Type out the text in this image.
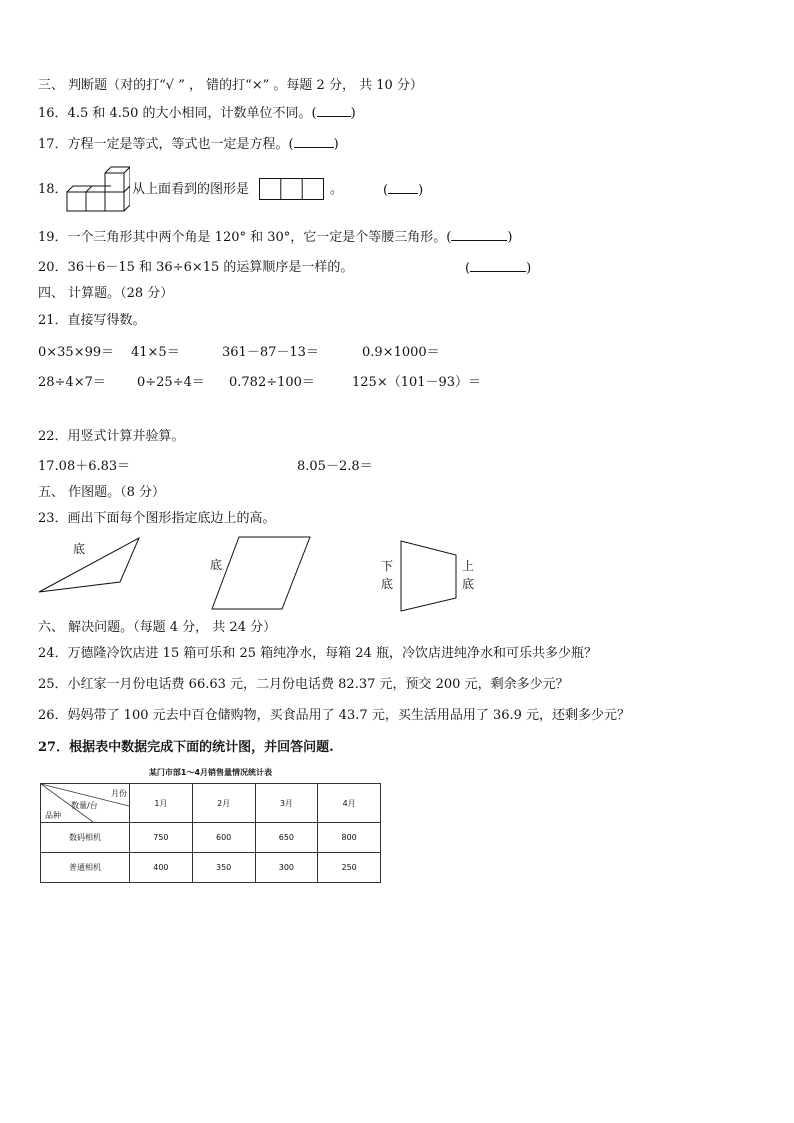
三、 判断题（对的打“√ ” ， 错的打“×” 。每题 2 分， 共 10 分）
16．4.5 和 4.50 的大小相同，计数单位不同。(	)
17．方程一定是等式，等式也一定是方程。(	)
18．	从上面看到的图形是	。	( )
19．一个三角形其中两个角是 120° 和 30°，它一定是个等腰三角形。(	)
20．36＋6－15 和 36÷6×15 的运算顺序是一样的。	(	)
四、 计算题。（28 分）
21．直接写得数。
0×35×99＝ 41×5＝	361－87－13＝	0.9×1000＝
28÷4×7＝ 0÷25÷4＝ 0.782÷100＝	125×（101－93）＝
22．用竖式计算并验算。
17.08＋6.83＝	8.05－2.8＝
五、 作图题。（8 分）
23．画出下面每个图形指定底边上的高。
底
底	下
底
上
底
六、 解决问题。（每题 4 分， 共 24 分）
24．万德隆冷饮店进 15 箱可乐和 25 箱纯净水，每箱 24 瓶，冷饮店进纯净水和可乐共多少瓶？
25．小红家一月份电话费 66.63 元，二月份电话费 82.37 元，预交 200 元，剩余多少元？
26．妈妈带了 100 元去中百仓储购物，买食品用了 43.7 元，买生活用品用了 36.9 元，还剩多少元？
27．根据表中数据完成下面的统计图，并回答问题.
某门市部1～4月销售量情况统计表
月份
数量/台
品种	1月	2月	3月	4月
数码相机	750	600	650	800
普通相机	400	350	300	250
